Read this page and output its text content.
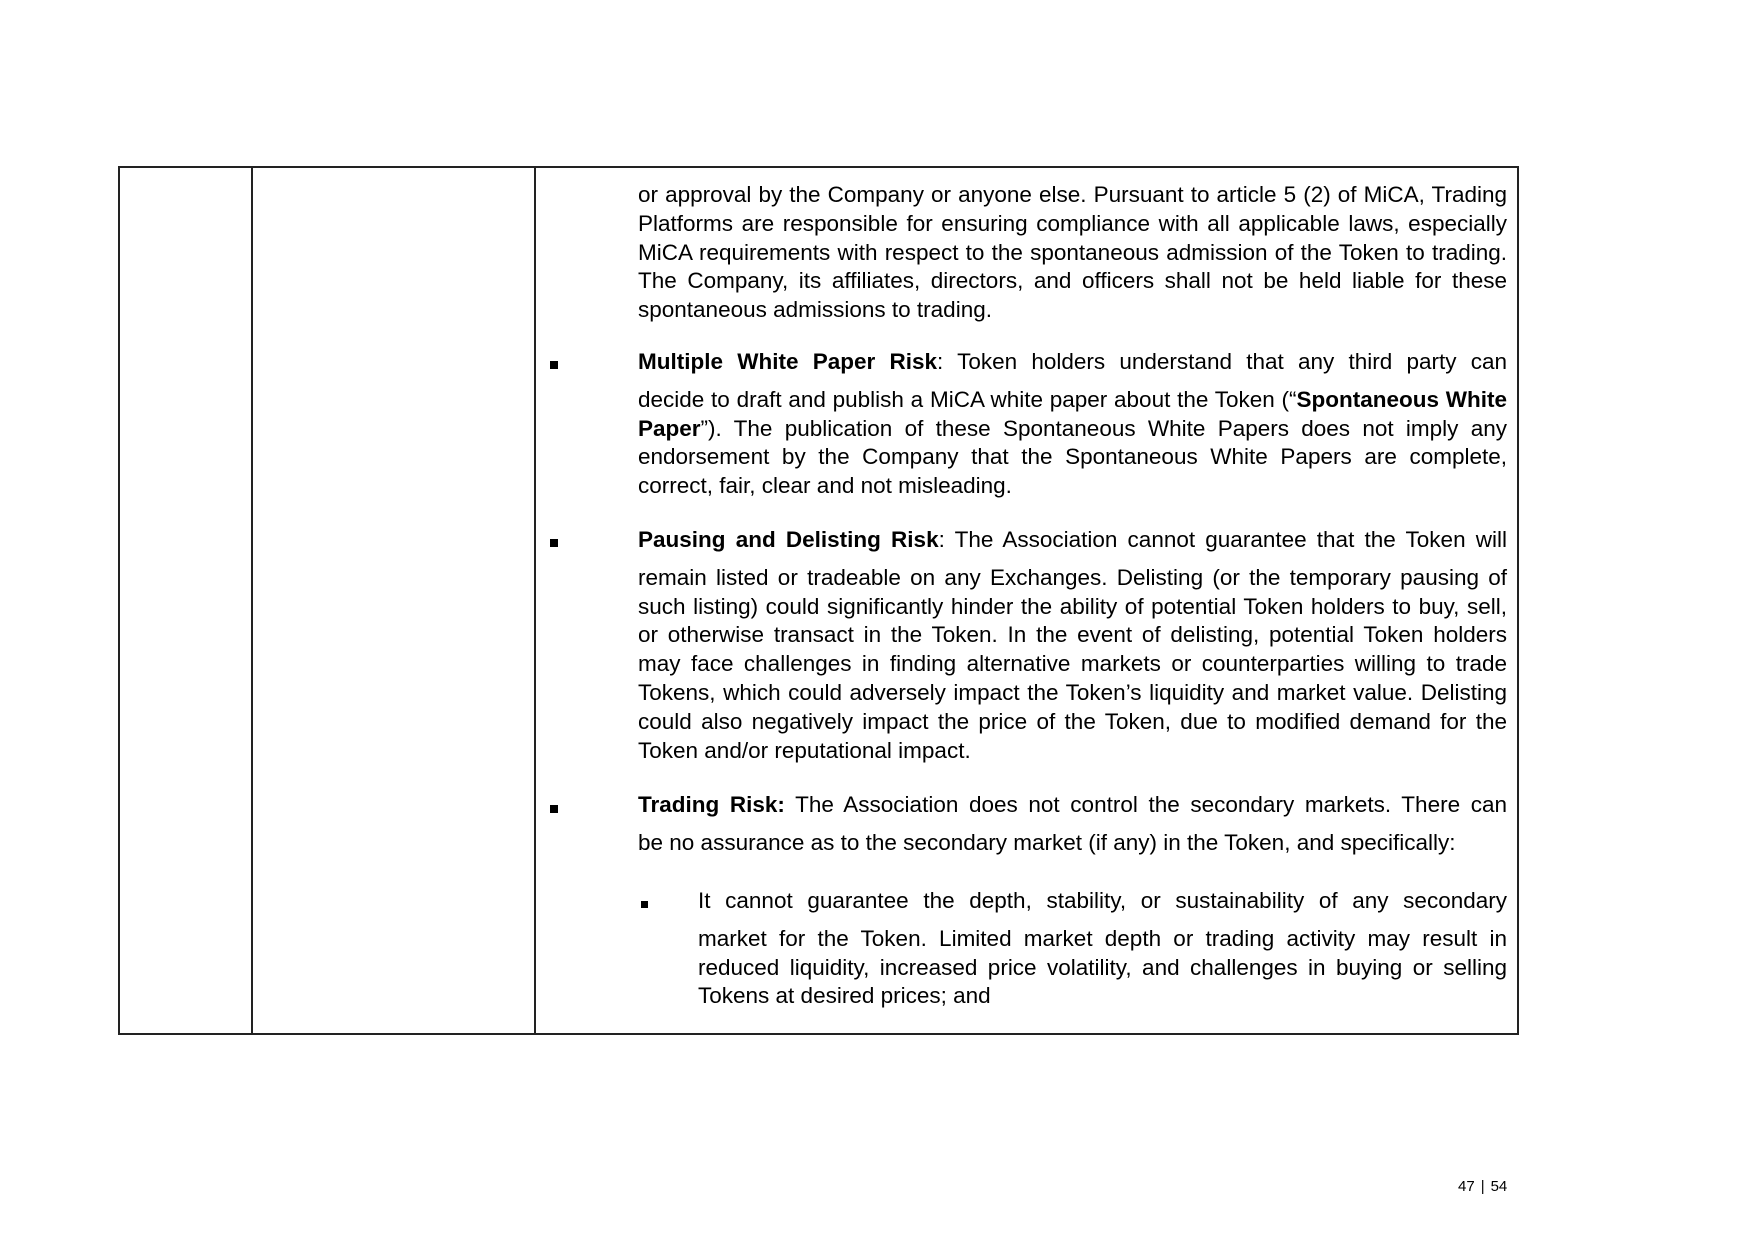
or approval by the Company or anyone else. Pursuant to article 5 (2) of MiCA, Trading Platforms are responsible for ensuring compliance with all applicable laws, especially MiCA requirements with respect to the spontaneous admission of the Token to trading. The Company, its affiliates, directors, and officers shall not be held liable for these spontaneous admissions to trading.
Multiple White Paper Risk: Token holders understand that any third party can
decide to draft and publish a MiCA white paper about the Token (“Spontaneous White Paper”). The publication of these Spontaneous White Papers does not imply any endorsement by the Company that the Spontaneous White Papers are complete, correct, fair, clear and not misleading.
Pausing and Delisting Risk: The Association cannot guarantee that the Token will
remain listed or tradeable on any Exchanges. Delisting (or the temporary pausing of such listing) could significantly hinder the ability of potential Token holders to buy, sell, or otherwise transact in the Token. In the event of delisting, potential Token holders may face challenges in finding alternative markets or counterparties willing to trade Tokens, which could adversely impact the Token’s liquidity and market value. Delisting could also negatively impact the price of the Token, due to modified demand for the Token and/or reputational impact.
Trading Risk: The Association does not control the secondary markets. There can
be no assurance as to the secondary market (if any) in the Token, and specifically:
It cannot guarantee the depth, stability, or sustainability of any secondary
market for the Token. Limited market depth or trading activity may result in reduced liquidity, increased price volatility, and challenges in buying or selling Tokens at desired prices; and
47 | 54
